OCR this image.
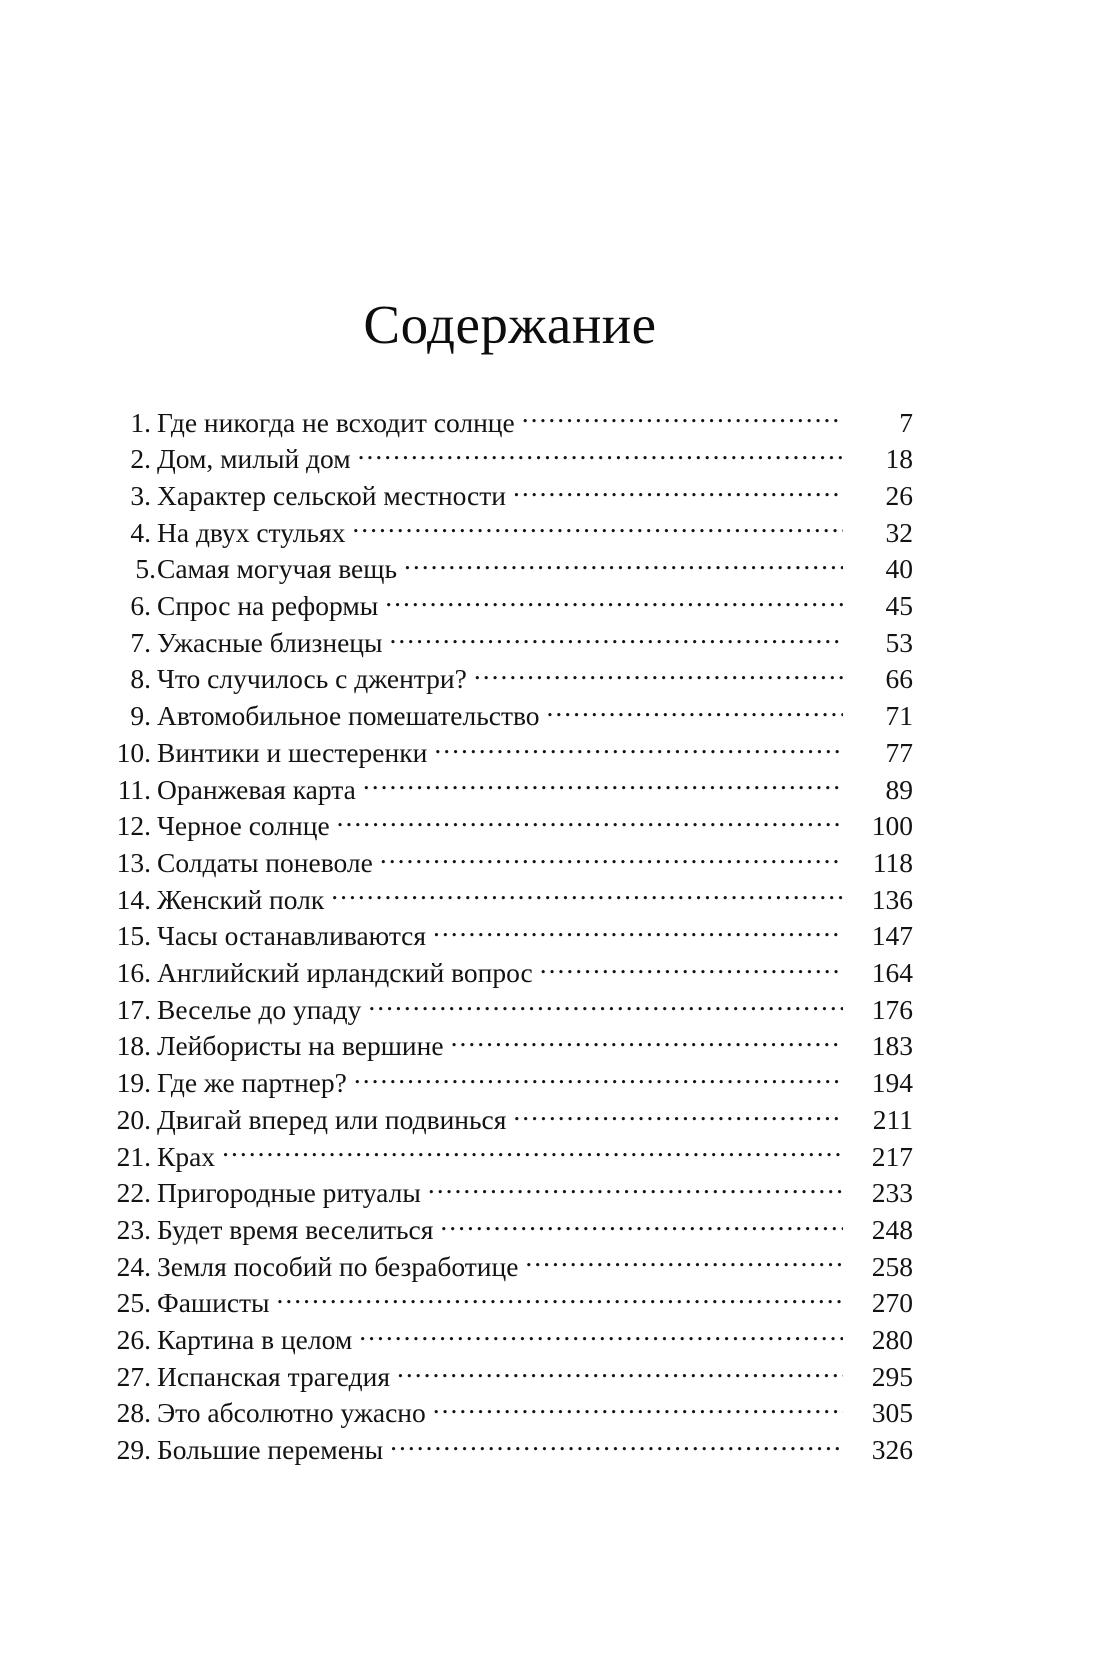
Содержание
1. Где никогда не всходит солнце .....	7
2. Дом, милый дом .....	18
3. Характер сельской местности .....	26
4. На двух стульях .....	32
5. Самая могучая вещь .....	40
6. Спрос на реформы .....	45
7. Ужасные близнецы .....	53
8. Что случилось с джентри? .....	66
9. Автомобильное помешательство .....	71
10. Винтики и шестеренки .....	77
11. Оранжевая карта .....	89
12. Черное солнце .....	100
13. Солдаты поневоле .....	118
14. Женский полк .....	136
15. Часы останавливаются .....	147
16. Английский ирландский вопрос .....	164
17. Веселье до упаду .....	176
18. Лейбористы на вершине .....	183
19. Где же партнер? .....	194
20. Двигай вперед или подвинься .....	211
21. Крах .....	217
22. Пригородные ритуалы .....	233
23. Будет время веселиться .....	248
24. Земля пособий по безработице .....	258
25. Фашисты .....	270
26. Картина в целом .....	280
27. Испанская трагедия .....	295
28. Это абсолютно ужасно .....	305
29. Большие перемены .....	326
